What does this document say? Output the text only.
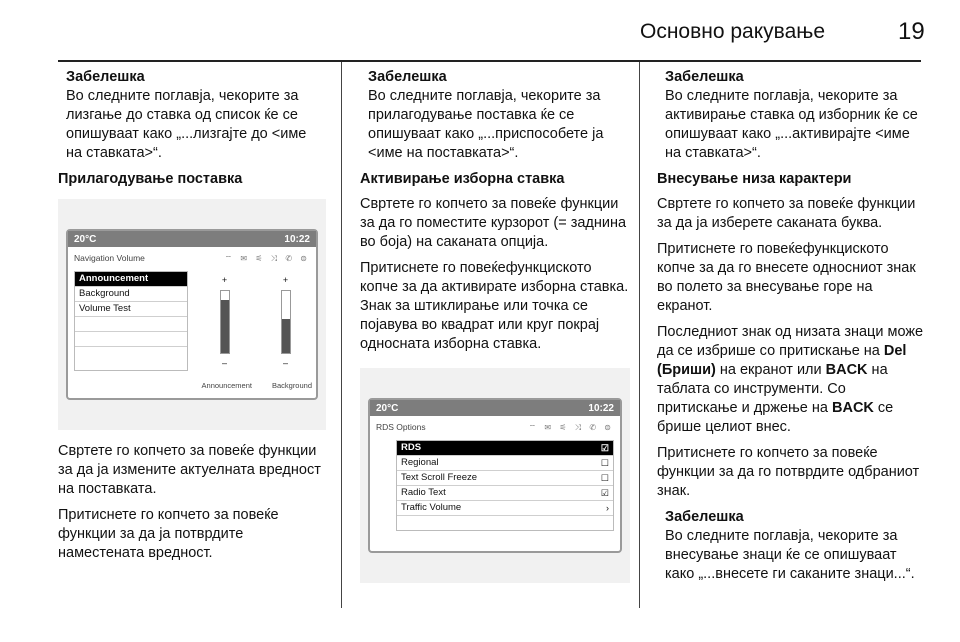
Основно ракување	19

Забелешка
Во следните поглавја, чекорите за лизгање до ставка од список ќе се опишуваат како „...лизгајте до <име на ставката>“.

Прилагодување поставка

20°C	10:22
Navigation Volume	⌔ ✉ ⚟ ⤨ ✆ ⊜
Announcement
Background
Volume Test
+
–
+
–
Announcement	Background

Свртете го копчето за повеќе функции за да ја измените актуелната вредност на поставката.

Притиснете го копчето за повеќе функции за да ја потврдите наместената вредност.

Забелешка
Во следните поглавја, чекорите за прилагодување поставка ќе се опишуваат како „...приспособете ја <име на поставката>“.

Активирање изборна ставка

Свртете го копчето за повеќе функции за да го поместите курзорот (= заднина во боја) на саканата опција.

Притиснете го повеќефункциското копче за да активирате изборна ставка. Знак за штиклирање или точка се појавува во квадрат или круг покрај односната изборна ставка.

20°C	10:22
RDS Options	⌔ ✉ ⚟ ⤨ ✆ ⊜
RDS	☑
Regional	☐
Text Scroll Freeze	☐
Radio Text	☑
Traffic Volume	›

Забелешка
Во следните поглавја, чекорите за активирање ставка од изборник ќе се опишуваат како „...активирајте <име на ставката>“.

Внесување низа карактери

Свртете го копчето за повеќе функции за да ја изберете саканата буква.

Притиснете го повеќефункциското копче за да го внесете односниот знак во полето за внесување горе на екранот.

Последниот знак од низата знаци може да се избрише со притискање на Del (Бриши) на екранот или BACK на таблата со инструменти. Со притискање и држење на BACK се брише целиот внес.

Притиснете го копчето за повеќе функции за да го потврдите одбраниот знак.

Забелешка
Во следните поглавја, чекорите за внесување знаци ќе се опишуваат како „...внесете ги саканите знаци...“.
